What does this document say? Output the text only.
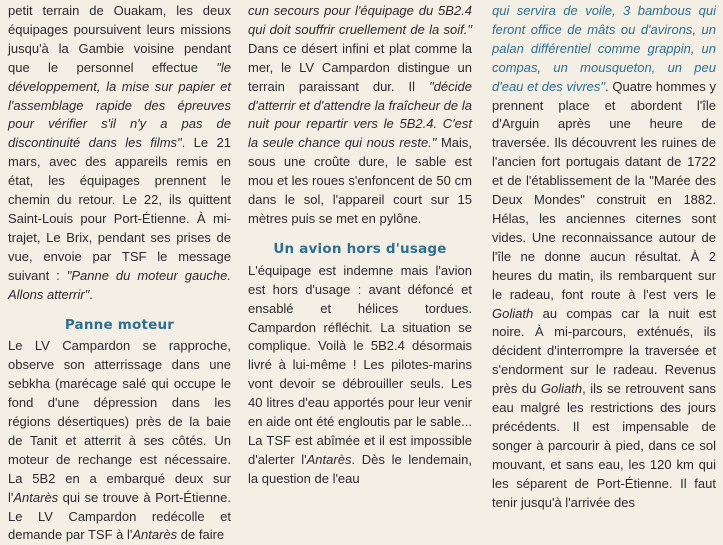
petit terrain de Ouakam, les deux équipages poursuivent leurs missions jusqu'à la Gambie voisine pendant que le personnel effectue "le développement, la mise sur papier et l'assemblage rapide des épreuves pour vérifier s'il n'y a pas de discontinuité dans les films". Le 21 mars, avec des appareils remis en état, les équipages prennent le chemin du retour. Le 22, ils quittent Saint-Louis pour Port-Étienne. À mi-trajet, Le Brix, pendant ses prises de vue, envoie par TSF le message suivant : "Panne du moteur gauche. Allons atterrir".

Panne moteur

Le LV Campardon se rapproche, observe son atterrissage dans une sebkha (marécage salé qui occupe le fond d'une dépression dans les régions désertiques) près de la baie de Tanit et atterrit à ses côtés. Un moteur de rechange est nécessaire. La 5B2 en a embarqué deux sur l'Antarès qui se trouve à Port-Étienne. Le LV Campardon redécolle et demande par TSF à l'Antarès de faire

cun secours pour l'équipage du 5B2.4 qui doit souffrir cruellement de la soif." Dans ce désert infini et plat comme la mer, le LV Campardon distingue un terrain paraissant dur. Il "décide d'atterrir et d'attendre la fraîcheur de la nuit pour repartir vers le 5B2.4. C'est la seule chance qui nous reste." Mais, sous une croûte dure, le sable est mou et les roues s'enfoncent de 50 cm dans le sol, l'appareil court sur 15 mètres puis se met en pylône.

Un avion hors d'usage

L'équipage est indemne mais l'avion est hors d'usage : avant défoncé et ensablé et hélices tordues. Campardon réfléchit. La situation se complique. Voilà le 5B2.4 désormais livré à lui-même ! Les pilotes-marins vont devoir se débrouiller seuls. Les 40 litres d'eau apportés pour leur venir en aide ont été engloutis par le sable... La TSF est abîmée et il est impossible d'alerter l'Antarès. Dès le lendemain, la question de l'eau

qui servira de voile, 3 bambous qui feront office de mâts ou d'avirons, un palan différentiel comme grappin, un compas, un mousqueton, un peu d'eau et des vivres". Quatre hommes y prennent place et abordent l'île d'Arguin après une heure de traversée. Ils découvrent les ruines de l'ancien fort portugais datant de 1722 et de l'établissement de la "Marée des Deux Mondes" construit en 1882. Hélas, les anciennes citernes sont vides. Une reconnaissance autour de l'île ne donne aucun résultat. À 2 heures du matin, ils rembarquent sur le radeau, font route à l'est vers le Goliath au compas car la nuit est noire. À mi-parcours, exténués, ils décident d'interrompre la traversée et s'endorment sur le radeau. Revenus près du Goliath, ils se retrouvent sans eau malgré les restrictions des jours précédents. Il est impensable de songer à parcourir à pied, dans ce sol mouvant, et sans eau, les 120 km qui les séparent de Port-Étienne. Il faut tenir jusqu'à l'arrivée des
